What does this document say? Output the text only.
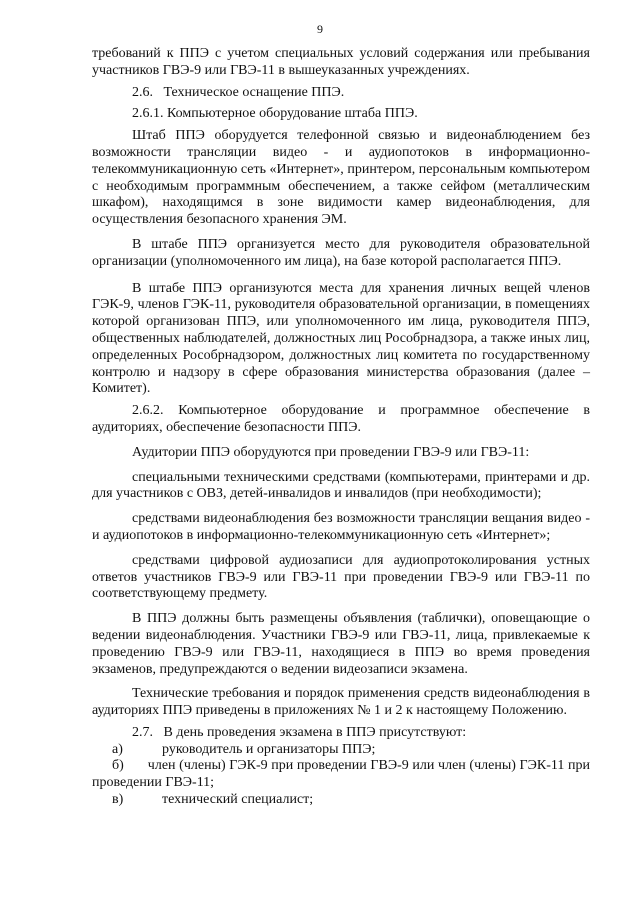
9

требований к ППЭ с учетом специальных условий содержания или пребывания участников ГВЭ-9 или ГВЭ-11 в вышеуказанных учреждениях.

2.6.   Техническое оснащение ППЭ.

2.6.1. Компьютерное оборудование штаба ППЭ.

Штаб ППЭ оборудуется телефонной связью и видеонаблюдением без возможности трансляции видео - и аудиопотоков в информационно-телекоммуникационную сеть «Интернет», принтером, персональным компьютером с необходимым программным обеспечением, а также сейфом (металлическим шкафом), находящимся в зоне видимости камер видеонаблюдения, для осуществления безопасного хранения ЭМ.

В штабе ППЭ организуется место для руководителя образовательной организации (уполномоченного им лица), на базе которой располагается ППЭ.

В штабе ППЭ организуются места для хранения личных вещей членов ГЭК-9, членов ГЭК-11, руководителя образовательной организации, в помещениях которой организован ППЭ, или уполномоченного им лица, руководителя ППЭ, общественных наблюдателей, должностных лиц Рособрнадзора, а также иных лиц, определенных Рособрнадзором, должностных лиц комитета по государственному контролю и надзору в сфере образования министерства образования (далее – Комитет).

2.6.2. Компьютерное оборудование и программное обеспечение в аудиториях, обеспечение безопасности ППЭ.

Аудитории ППЭ оборудуются при проведении ГВЭ-9 или ГВЭ-11:

специальными техническими средствами (компьютерами, принтерами и др. для участников с ОВЗ, детей-инвалидов и инвалидов (при необходимости);

средствами видеонаблюдения без возможности трансляции вещания видео - и аудиопотоков в информационно-телекоммуникационную сеть «Интернет»;

средствами цифровой аудиозаписи для аудиопротоколирования устных ответов участников ГВЭ-9 или ГВЭ-11 при проведении ГВЭ-9 или ГВЭ-11 по соответствующему предмету.

В ППЭ должны быть размещены объявления (таблички), оповещающие о ведении видеонаблюдения. Участники ГВЭ-9 или ГВЭ-11, лица, привлекаемые к проведению ГВЭ-9 или ГВЭ-11, находящиеся в ППЭ во время проведения экзаменов, предупреждаются о ведении видеозаписи экзамена.

Технические требования и порядок применения средств видеонаблюдения в аудиториях ППЭ приведены в приложениях № 1 и 2 к настоящему Положению.

2.7.   В день проведения экзамена в ППЭ присутствуют:

а)	руководитель и организаторы ППЭ;

б) член (члены) ГЭК-9 при проведении ГВЭ-9 или член (члены) ГЭК-11 при проведении ГВЭ-11;

в)	технический специалист;
